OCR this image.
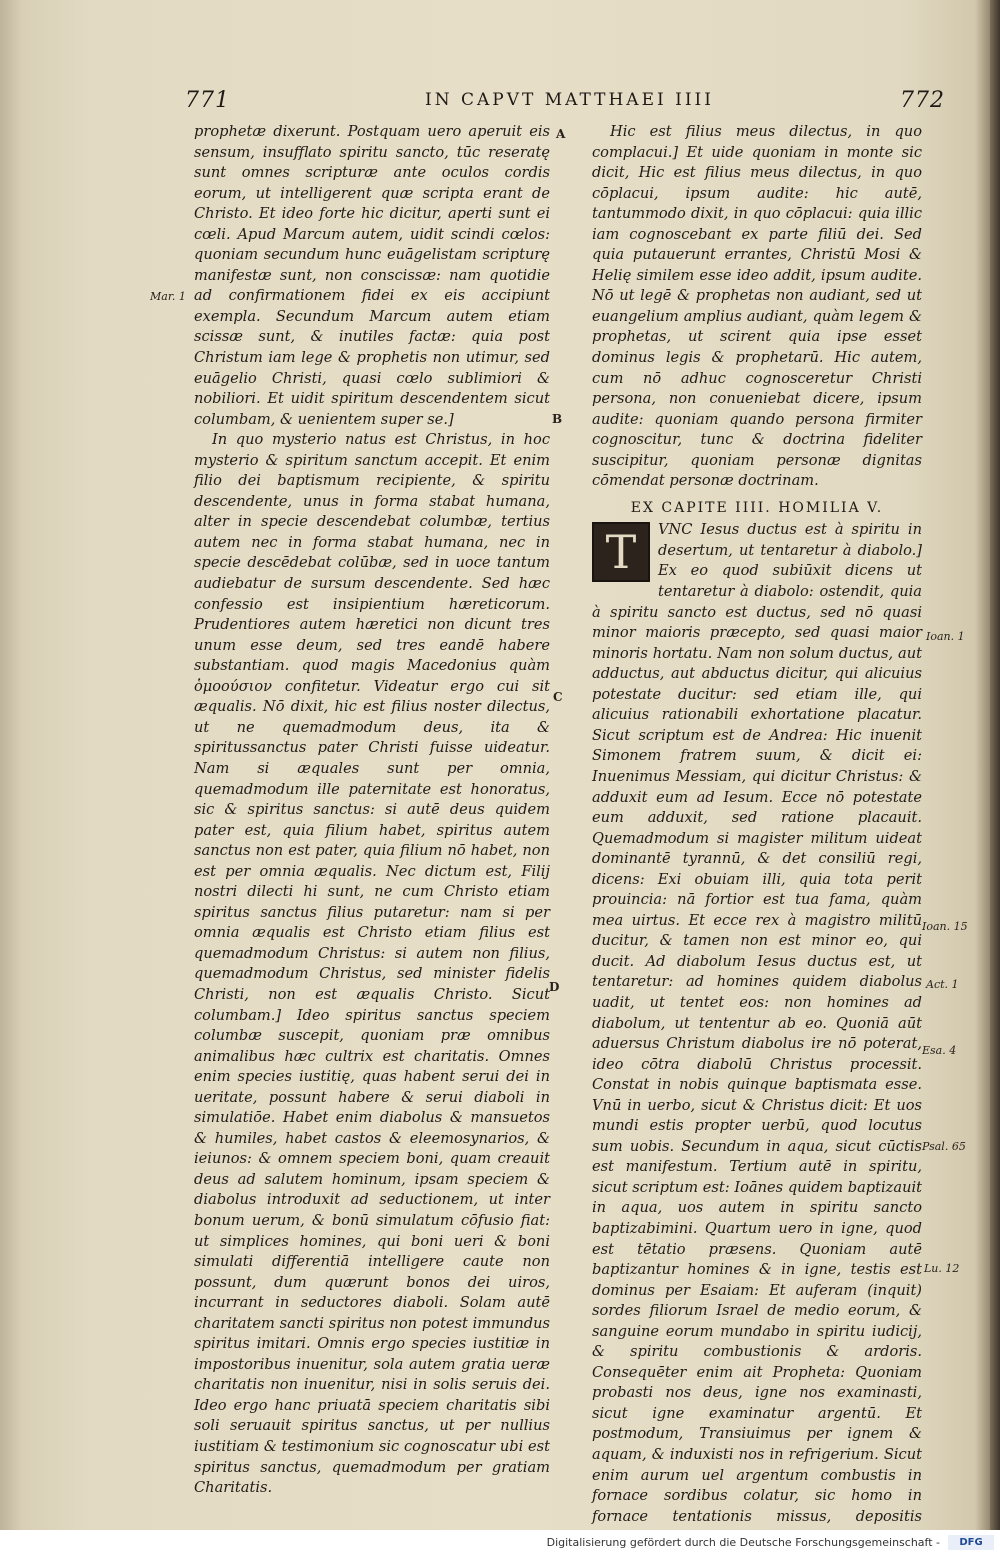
771	IN CAPVT MATTHAEI IIII	772

prophetæ dixerunt. Postquam uero aperuit eis sensum, insufflato spiritu sancto, tūc reseratę sunt omnes scripturæ ante oculos cordis eorum, ut intelligerent quæ scripta erant de Christo. Et ideo forte hic dicitur, aperti sunt ei cœli. Apud Marcum autem, uidit scindi cœlos: quoniam secundum hunc euāgelistam scripturę manifestæ sunt, non conscissæ: nam quotidie ad confirmationem fidei ex eis accipiunt exempla. Secundum Marcum autem etiam scissæ sunt, & inutiles factæ: quia post Christum iam lege & prophetis non utimur, sed euāgelio Christi, quasi cœlo sublimiori & nobiliori. Et uidit spiritum descendentem sicut columbam, & uenientem super se.]

In quo mysterio natus est Christus, in hoc mysterio & spiritum sanctum accepit. Et enim filio dei baptismum recipiente, & spiritu descendente, unus in forma stabat humana, alter in specie descendebat columbæ, tertius autem nec in forma stabat humana, nec in specie descēdebat colūbæ, sed in uoce tantum audiebatur de sursum descendente. Sed hæc confessio est insipientium hæreticorum. Prudentiores autem hæretici non dicunt tres unum esse deum, sed tres eandē habere substantiam. quod magis Macedonius quàm ὁμοούσιον confitetur. Videatur ergo cui sit æqualis. Nō dixit, hic est filius noster dilectus, ut ne quemadmodum deus, ita & spiritussanctus pater Christi fuisse uideatur. Nam si æquales sunt per omnia, quemadmodum ille paternitate est honoratus, sic & spiritus sanctus: si autē deus quidem pater est, quia filium habet, spiritus autem sanctus non est pater, quia filium nō habet, non est per omnia æqualis. Nec dictum est, Filij nostri dilecti hi sunt, ne cum Christo etiam spiritus sanctus filius putaretur: nam si per omnia æqualis est Christo etiam filius est quemadmodum Christus: si autem non filius, quemadmodum Christus, sed minister fidelis Christi, non est æqualis Christo. Sicut columbam.] Ideo spiritus sanctus speciem columbæ suscepit, quoniam præ omnibus animalibus hæc cultrix est charitatis. Omnes enim species iustitię, quas habent serui dei in ueritate, possunt habere & serui diaboli in simulatiōe. Habet enim diabolus & mansuetos & humiles, habet castos & eleemosynarios, & ieiunos: & omnem speciem boni, quam creauit deus ad salutem hominum, ipsam speciem & diabolus introduxit ad seductionem, ut inter bonum uerum, & bonū simulatum cōfusio fiat: ut simplices homines, qui boni ueri & boni simulati differentiā intelligere caute non possunt, dum quærunt bonos dei uiros, incurrant in seductores diaboli. Solam autē charitatem sancti spiritus non potest immundus spiritus imitari. Omnis ergo species iustitiæ in impostoribus inuenitur, sola autem gratia ueræ charitatis non inuenitur, nisi in solis seruis dei. Ideo ergo hanc priuatā speciem charitatis sibi soli seruauit spiritus sanctus, ut per nullius iustitiam & testimonium sic cognoscatur ubi est spiritus sanctus, quemadmodum per gratiam Charitatis.

Hic est filius meus dilectus, in quo complacui.] Et uide quoniam in monte sic dicit, Hic est filius meus dilectus, in quo cōplacui, ipsum audite: hic autē, tantummodo dixit, in quo cōplacui: quia illic iam cognoscebant ex parte filiū dei. Sed quia putauerunt errantes, Christū Mosi & Helię similem esse ideo addit, ipsum audite. Nō ut legē & prophetas non audiant, sed ut euangelium amplius audiant, quàm legem & prophetas, ut scirent quia ipse esset dominus legis & prophetarū. Hic autem, cum nō adhuc cognosceretur Christi persona, non conueniebat dicere, ipsum audite: quoniam quando persona firmiter cognoscitur, tunc & doctrina fideliter suscipitur, quoniam personæ dignitas cōmendat personæ doctrinam.

EX CAPITE IIII. HOMILIA V.
T	VNC Iesus ductus est à spiritu in desertum, ut tentaretur à diabolo.] Ex eo quod subiūxit dicens ut tentaretur à diabolo: ostendit, quia à spiritu sancto est ductus, sed nō quasi minor maioris præcepto, sed quasi maior minoris hortatu. Nam non solum ductus, aut adductus, aut abductus dicitur, qui alicuius potestate ducitur: sed etiam ille, qui alicuius rationabili exhortatione placatur. Sicut scriptum est de Andrea: Hic inuenit Simonem fratrem suum, & dicit ei: Inuenimus Messiam, qui dicitur Christus: & adduxit eum ad Iesum. Ecce nō potestate eum adduxit, sed ratione placauit. Quemadmodum si magister militum uideat dominantē tyrannū, & det consiliū regi, dicens: Exi obuiam illi, quia tota perit prouincia: nā fortior est tua fama, quàm mea uirtus. Et ecce rex à magistro militū ducitur, & tamen non est minor eo, qui ducit. Ad diabolum Iesus ductus est, ut tentaretur: ad homines quidem diabolus uadit, ut tentet eos: non homines ad diabolum, ut tententur ab eo. Quoniā aūt aduersus Christum diabolus ire nō poterat, ideo cōtra diabolū Christus processit. Constat in nobis quinque baptismata esse. Vnū in uerbo, sicut & Christus dicit: Et uos mundi estis propter uerbū, quod locutus sum uobis. Secundum in aqua, sicut cūctis est manifestum. Tertium autē in spiritu, sicut scriptum est: Ioānes quidem baptizauit in aqua, uos autem in spiritu sancto baptizabimini. Quartum uero in igne, quod est tētatio præsens. Quoniam autē baptizantur homines & in igne, testis est dominus per Esaiam: Et auferam (inquit) sordes filiorum Israel de medio eorum, & sanguine eorum mundabo in spiritu iudicij, & spiritu combustionis & ardoris. Consequēter enim ait Propheta: Quoniam probasti nos deus, igne nos examinasti, sicut igne examinatur argentū. Et postmodum, Transiuimus per ignem & aquam, & induxisti nos in refrigerium. Sicut enim aurum uel argentum combustis in fornace sordibus colatur, sic homo in fornace tentationis missus, depositis

Mar. 1
Ioan. 1
Ioan. 15
Act. 1
Esa. 4
Psal. 65
Lu. 12
A
B
C
D
Digitalisierung gefördert durch die Deutsche Forschungsgemeinschaft -	DFG
